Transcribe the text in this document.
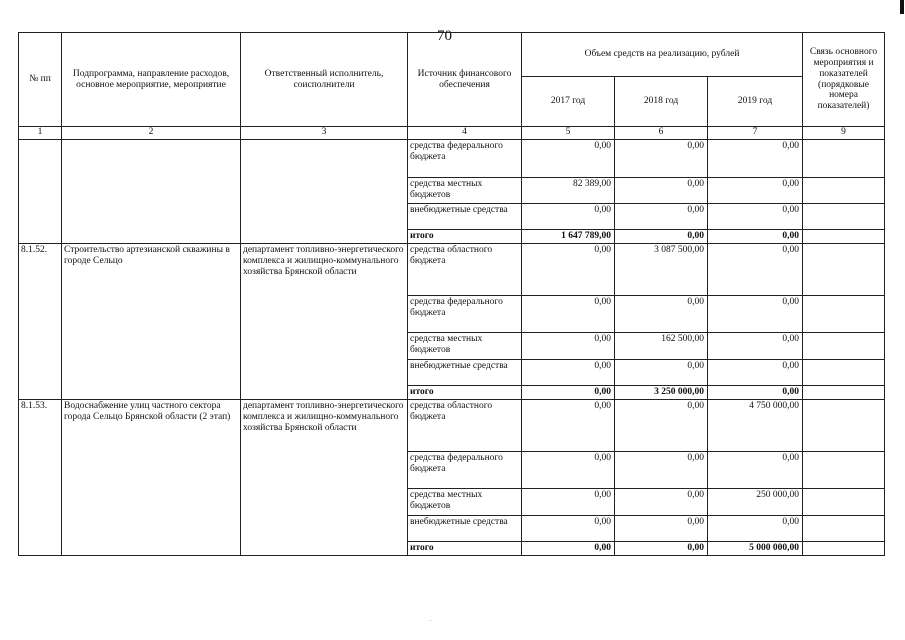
70
№ пп	Подпрограмма, направление расходов, основное мероприятие, мероприятие	Ответственный исполнитель, соисполнители	Источник финансового обеспечения	Объем средств на реализацию, рублей			Связь основного мероприятия и показателей (порядковые номера показателей)
				2017 год	2018 год	2019 год	
1	2	3	4	5	6	7	9
			средства федерального бюджета	0,00	0,00	0,00	
			средства местных бюджетов	82 389,00	0,00	0,00	
			внебюджетные средства	0,00	0,00	0,00	
			итого	1 647 789,00	0,00	0,00	
8.1.52.	Строительство артезианской скважины в городе Сельцо	департамент топливно-энергетического комплекса и жилищно-коммунального хозяйства Брянской области	средства областного бюджета	0,00	3 087 500,00	0,00	
			средства федерального бюджета	0,00	0,00	0,00	
			средства местных бюджетов	0,00	162 500,00	0,00	
			внебюджетные средства	0,00	0,00	0,00	
			итого	0,00	3 250 000,00	0,00	
8.1.53.	Водоснабжение улиц частного сектора города Сельцо Брянской области (2 этап)	департамент топливно-энергетического комплекса и жилищно-коммунального хозяйства Брянской области	средства областного бюджета	0,00	0,00	4 750 000,00	
			средства федерального бюджета	0,00	0,00	0,00	
			средства местных бюджетов	0,00	0,00	250 000,00	
			внебюджетные средства	0,00	0,00	0,00	
			итого	0,00	0,00	5 000 000,00	
